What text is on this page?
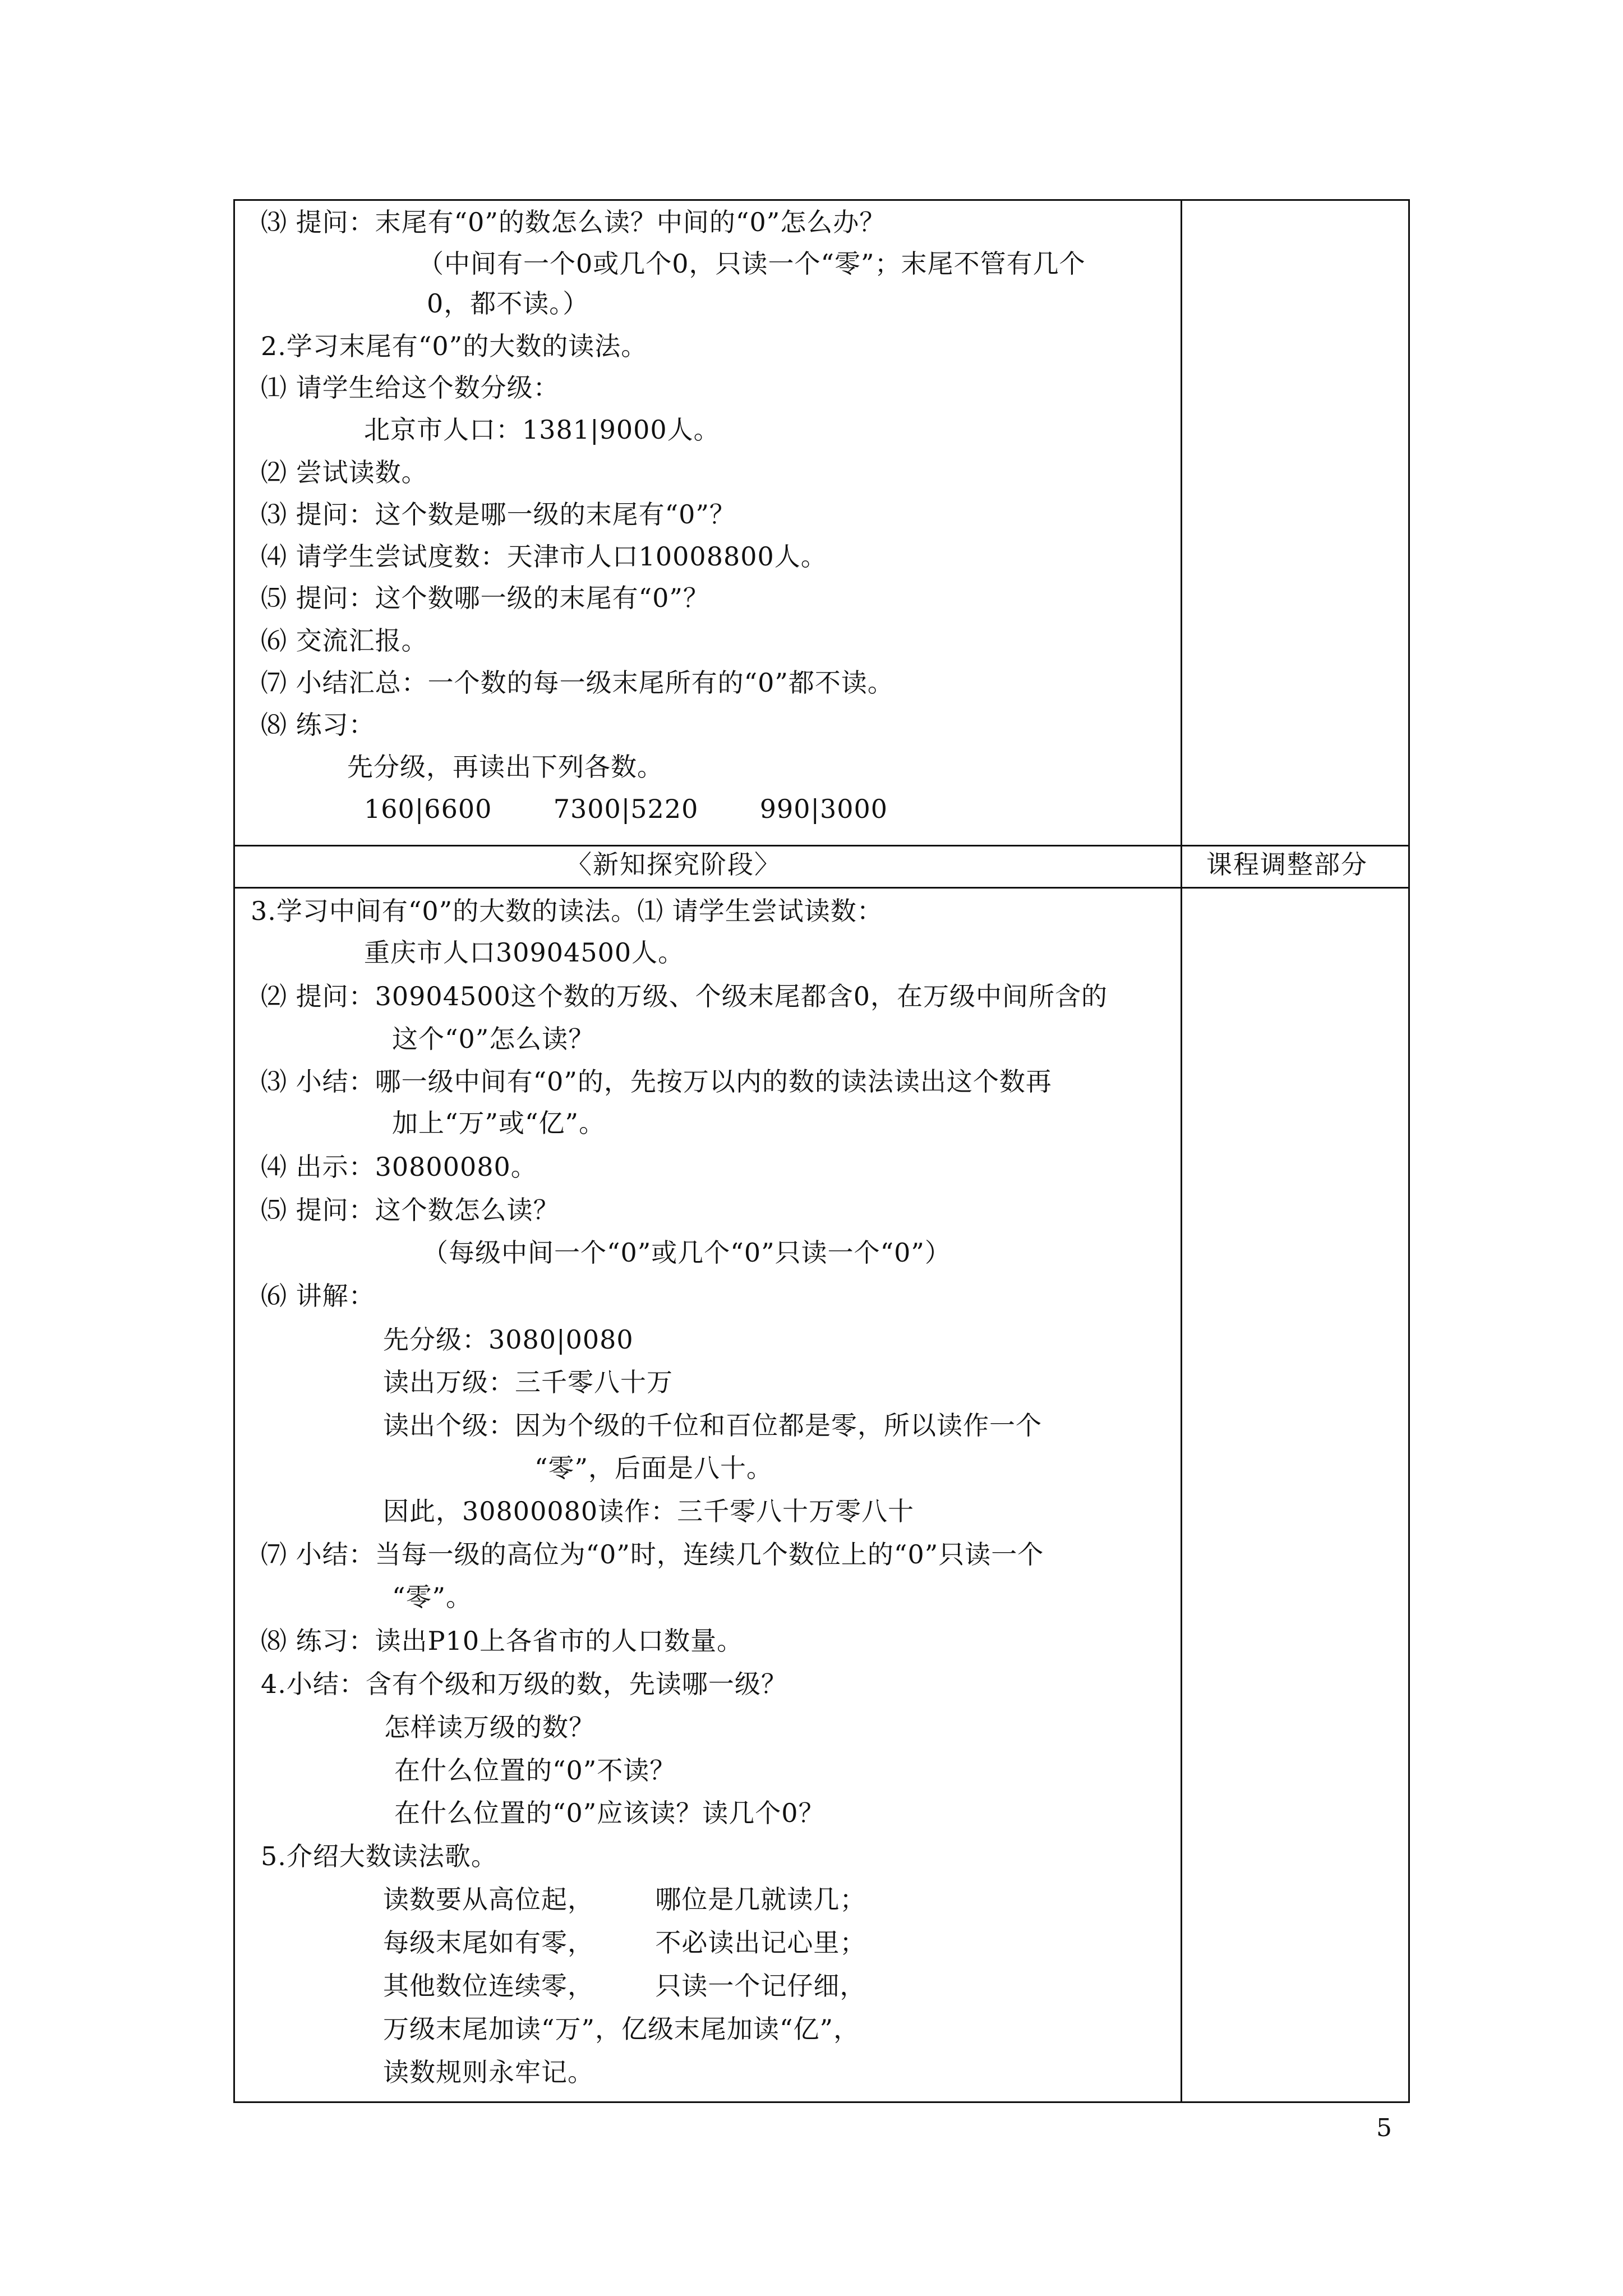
⑶ 提问：末尾有“0”的数怎么读？中间的“0”怎么办？

（中间有一个0或几个0，只读一个“零”；末尾不管有几个

0，都不读。）

2.学习末尾有“0”的大数的读法。

⑴ 请学生给这个数分级：

北京市人口：1381|9000人。

⑵ 尝试读数。

⑶ 提问：这个数是哪一级的末尾有“0”？

⑷ 请学生尝试度数：天津市人口10008800人。

⑸ 提问：这个数哪一级的末尾有“0”？

⑹ 交流汇报。

⑺ 小结汇总：一个数的每一级末尾所有的“0”都不读。

⑻ 练习：

先分级，再读出下列各数。

160|6600       7300|5220       990|3000

〈新知探究阶段〉	课程调整部分

3.学习中间有“0”的大数的读法。⑴ 请学生尝试读数：

重庆市人口30904500人。

⑵ 提问：30904500这个数的万级、个级末尾都含0，在万级中间所含的

这个“0”怎么读？

⑶ 小结：哪一级中间有“0”的，先按万以内的数的读法读出这个数再

加上“万”或“亿”。

⑷ 出示：30800080。

⑸ 提问：这个数怎么读？

（每级中间一个“0”或几个“0”只读一个“0”）

⑹ 讲解：

先分级：3080|0080

读出万级：三千零八十万

读出个级：因为个级的千位和百位都是零，所以读作一个

“零”，后面是八十。

因此，30800080读作：三千零八十万零八十

⑺ 小结：当每一级的高位为“0”时，连续几个数位上的“0”只读一个

“零”。

⑻ 练习：读出P10上各省市的人口数量。

4.小结：含有个级和万级的数，先读哪一级？

怎样读万级的数？

在什么位置的“0”不读？

在什么位置的“0”应该读？读几个0？

5.介绍大数读法歌。

读数要从高位起，       哪位是几就读几；

每级末尾如有零，       不必读出记心里；

其他数位连续零，       只读一个记仔细，

万级末尾加读“万”，亿级末尾加读“亿”，

读数规则永牢记。

5
